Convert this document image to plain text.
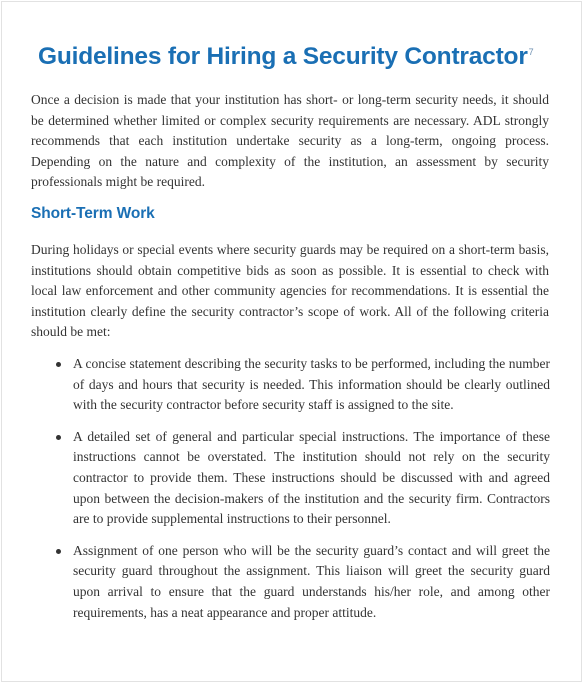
Guidelines for Hiring a Security Contractor$^7$

Once a decision is made that your institution has short- or long-term security needs, it should be determined whether limited or complex security requirements are necessary. ADL strongly recommends that each institution undertake security as a long-term, ongoing process. Depending on the nature and complexity of the institution, an assessment by security professionals might be required.

Short-Term Work

During holidays or special events where security guards may be required on a short-term basis, institutions should obtain competitive bids as soon as possible. It is essential to check with local law enforcement and other community agencies for recommendations. It is essential the institution clearly define the security contractor’s scope of work. All of the following criteria should be met:

A concise statement describing the security tasks to be performed, including the number of days and hours that security is needed. This information should be clearly outlined with the security contractor before security staff is assigned to the site.
A detailed set of general and particular special instructions. The importance of these instructions cannot be overstated. The institution should not rely on the security contractor to provide them. These instructions should be discussed with and agreed upon between the decision-makers of the institution and the security firm. Contractors are to provide supplemental instructions to their personnel.
Assignment of one person who will be the security guard’s contact and will greet the security guard throughout the assignment. This liaison will greet the security guard upon arrival to ensure that the guard understands his/her role, and among other requirements, has a neat appearance and proper attitude.
